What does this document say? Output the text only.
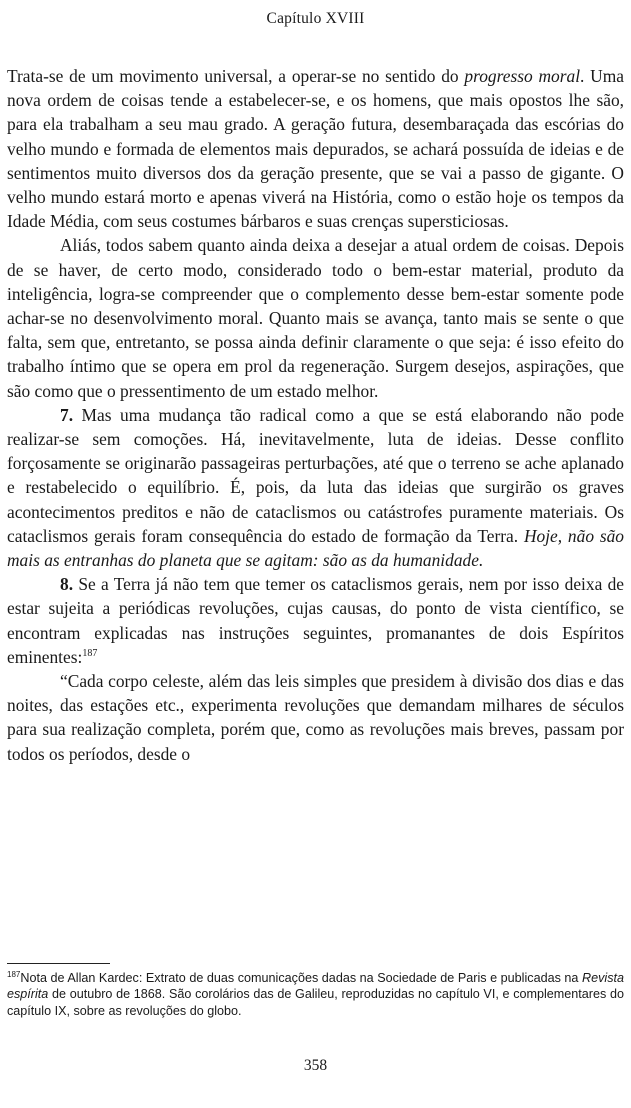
Capítulo XVIII

Trata-se de um movimento universal, a operar-se no sentido do progresso moral. Uma nova ordem de coisas tende a estabelecer-se, e os homens, que mais opostos lhe são, para ela trabalham a seu mau grado. A geração futura, desembaraçada das escórias do velho mundo e formada de elementos mais depurados, se achará possuída de ideias e de sentimentos muito diversos dos da geração presente, que se vai a passo de gigante. O velho mundo estará morto e apenas viverá na História, como o estão hoje os tempos da Idade Média, com seus costumes bárbaros e suas crenças supersticiosas.

Aliás, todos sabem quanto ainda deixa a desejar a atual ordem de coisas. Depois de se haver, de certo modo, considerado todo o bem-estar material, produto da inteligência, logra-se compreender que o complemento desse bem-estar somente pode achar-se no desenvolvimento moral. Quanto mais se avança, tanto mais se sente o que falta, sem que, entretanto, se possa ainda definir claramente o que seja: é isso efeito do trabalho íntimo que se opera em prol da regeneração. Surgem desejos, aspirações, que são como que o pressentimento de um estado melhor.

7. Mas uma mudança tão radical como a que se está elaborando não pode realizar-se sem comoções. Há, inevitavelmente, luta de ideias. Desse conflito forçosamente se originarão passageiras perturbações, até que o terreno se ache aplanado e restabelecido o equilíbrio. É, pois, da luta das ideias que surgirão os graves acontecimentos preditos e não de cataclismos ou catástrofes puramente materiais. Os cataclismos gerais foram consequência do estado de formação da Terra. Hoje, não são mais as entranhas do planeta que se agitam: são as da humanidade.

8. Se a Terra já não tem que temer os cataclismos gerais, nem por isso deixa de estar sujeita a periódicas revoluções, cujas causas, do ponto de vista científico, se encontram explicadas nas instruções seguintes, promanantes de dois Espíritos eminentes:$^{187}$

“Cada corpo celeste, além das leis simples que presidem à divisão dos dias e das noites, das estações etc., experimenta revoluções que demandam milhares de séculos para sua realização completa, porém que, como as revoluções mais breves, passam por todos os períodos, desde o

$^{187}$Nota de Allan Kardec: Extrato de duas comunicações dadas na Sociedade de Paris e publicadas na Revista espírita de outubro de 1868. São corolários das de Galileu, reproduzidas no capítulo VI, e complementares do capítulo IX, sobre as revoluções do globo.
358
